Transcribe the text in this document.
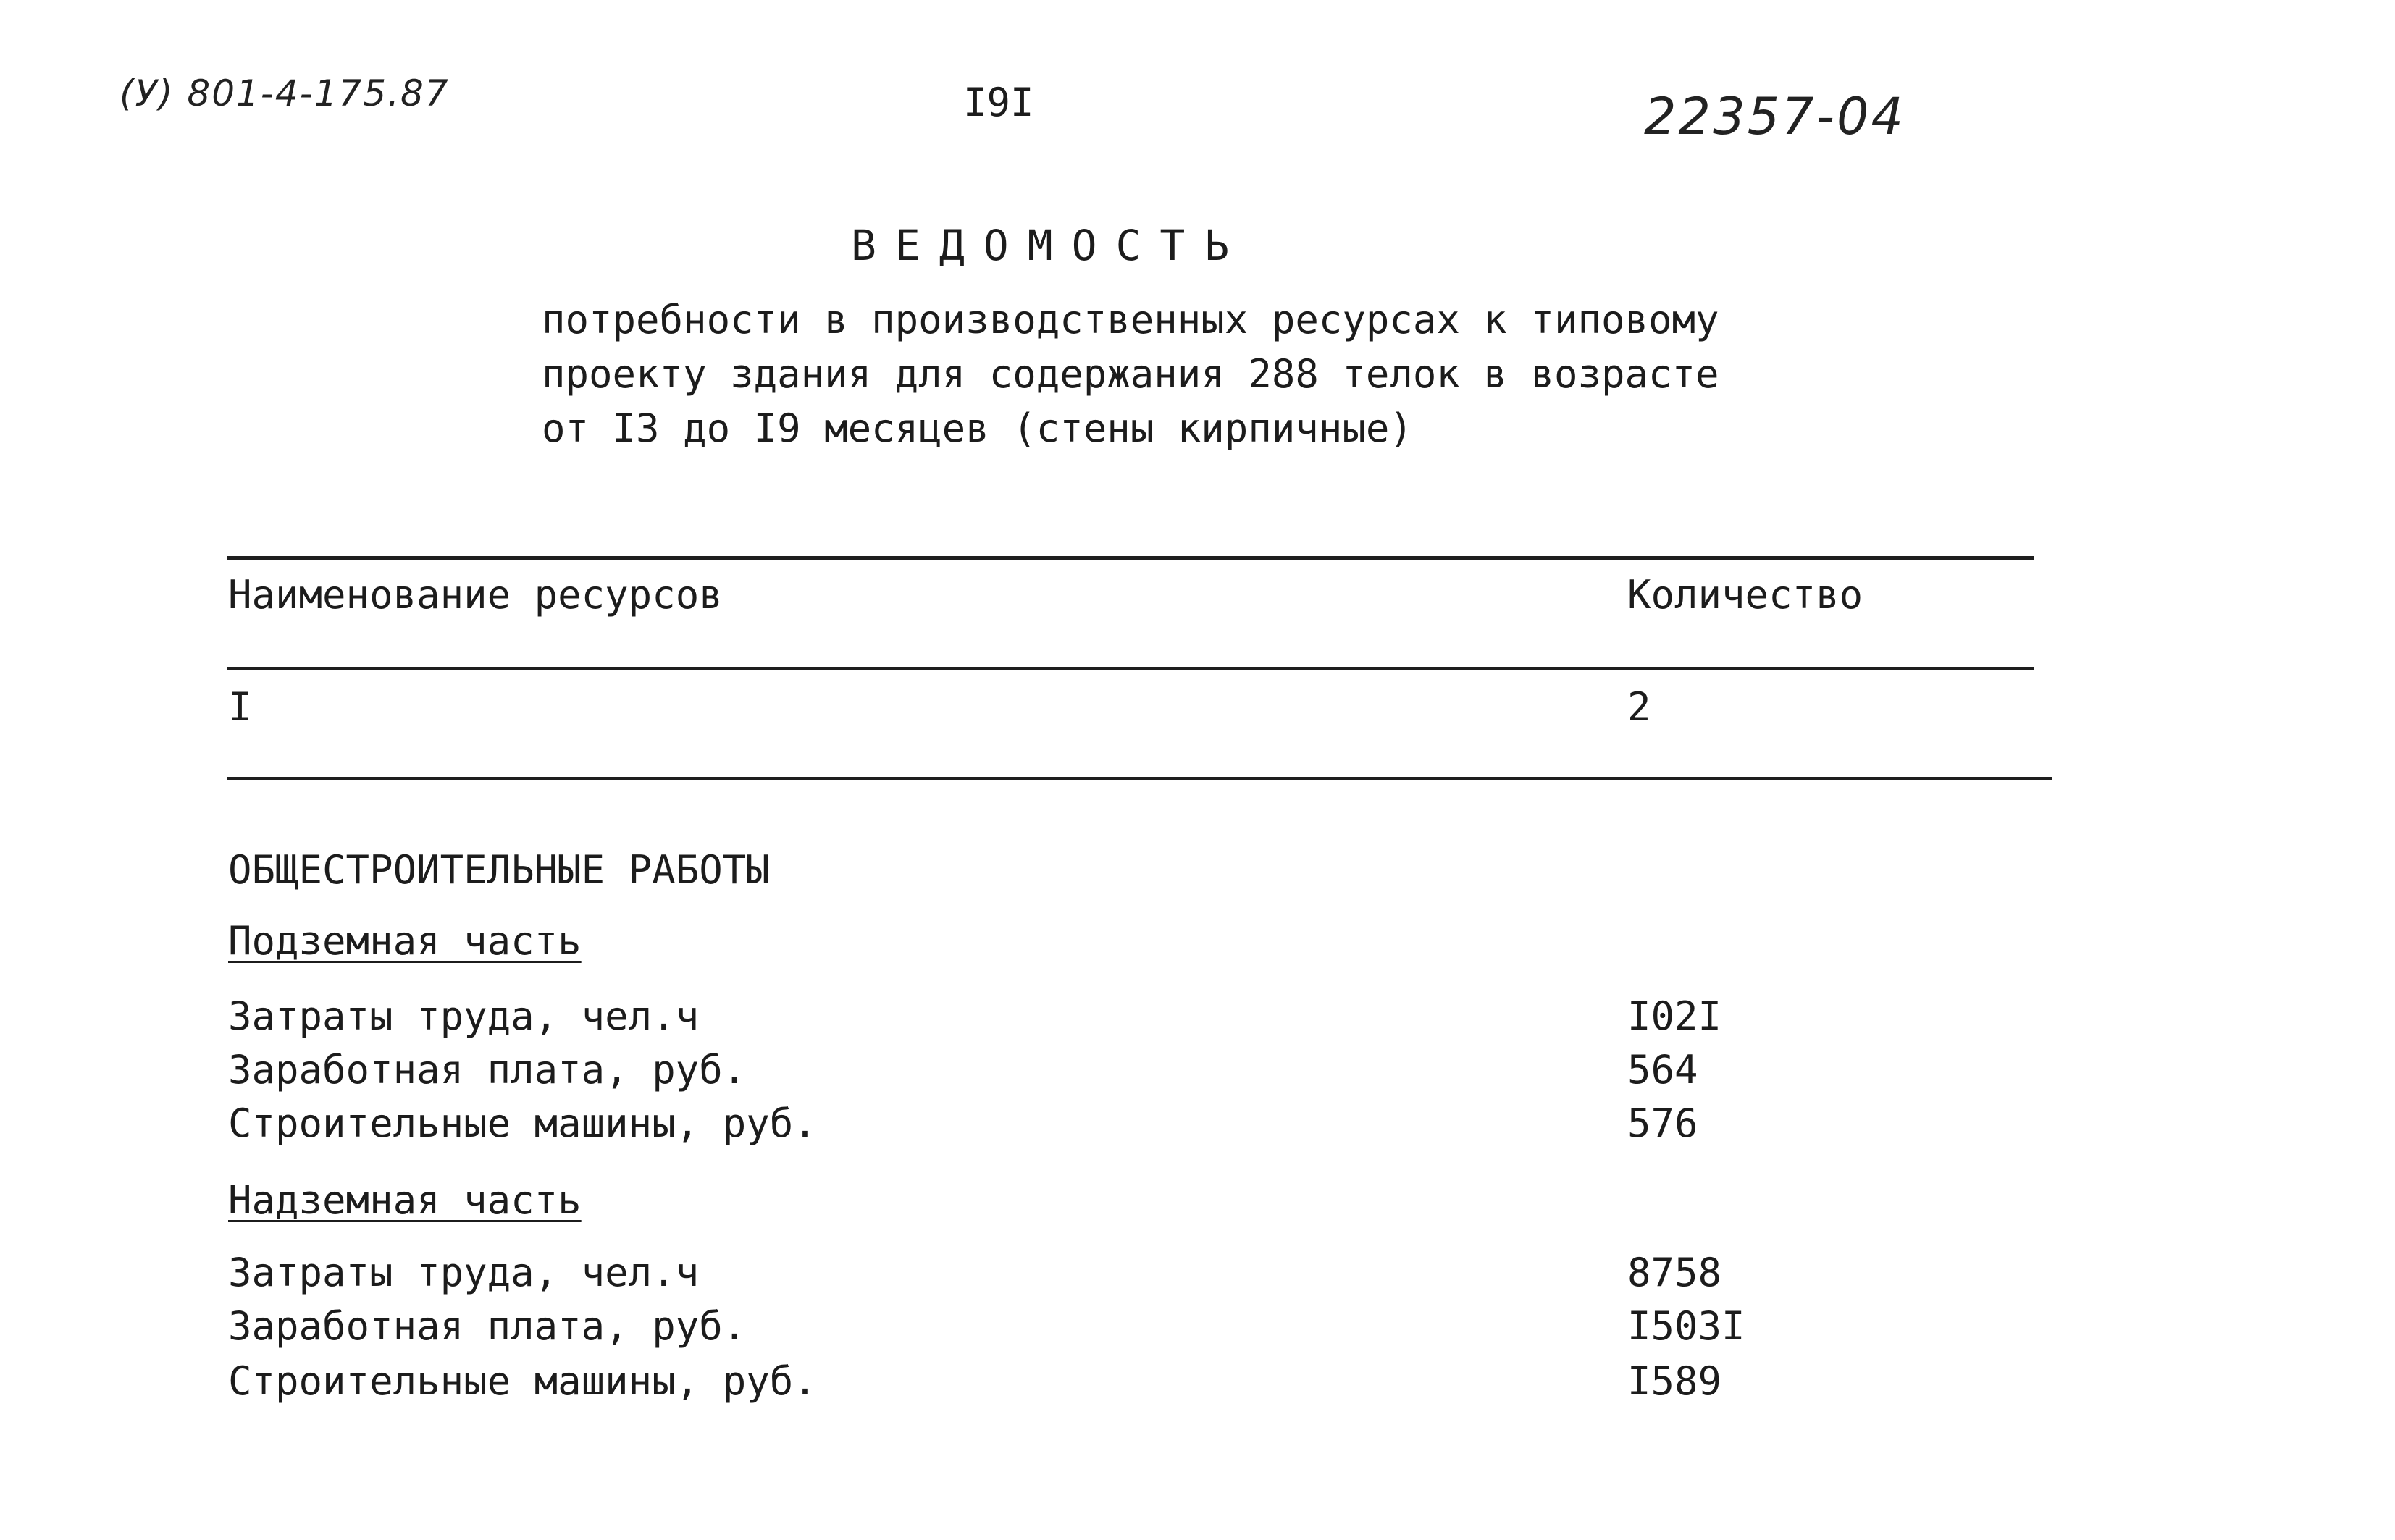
(У) 801-4-175.87	I9I	22357-04
ВЕДОМОСТЬ
потребности в производственных ресурсах к типовому
проекту здания для содержания 288 телок в возрасте
от I3 до I9 месяцев (стены кирпичные)
Наименование ресурсов	Количество
I	2
ОБЩЕСТРОИТЕЛЬНЫЕ РАБОТЫ
Подземная часть
Затраты труда, чел.ч	I02I
Заработная плата, руб.	564
Строительные машины, руб.	576
Надземная часть
Затраты труда, чел.ч	8758
Заработная плата, руб.	I503I
Строительные машины, руб.	I589
